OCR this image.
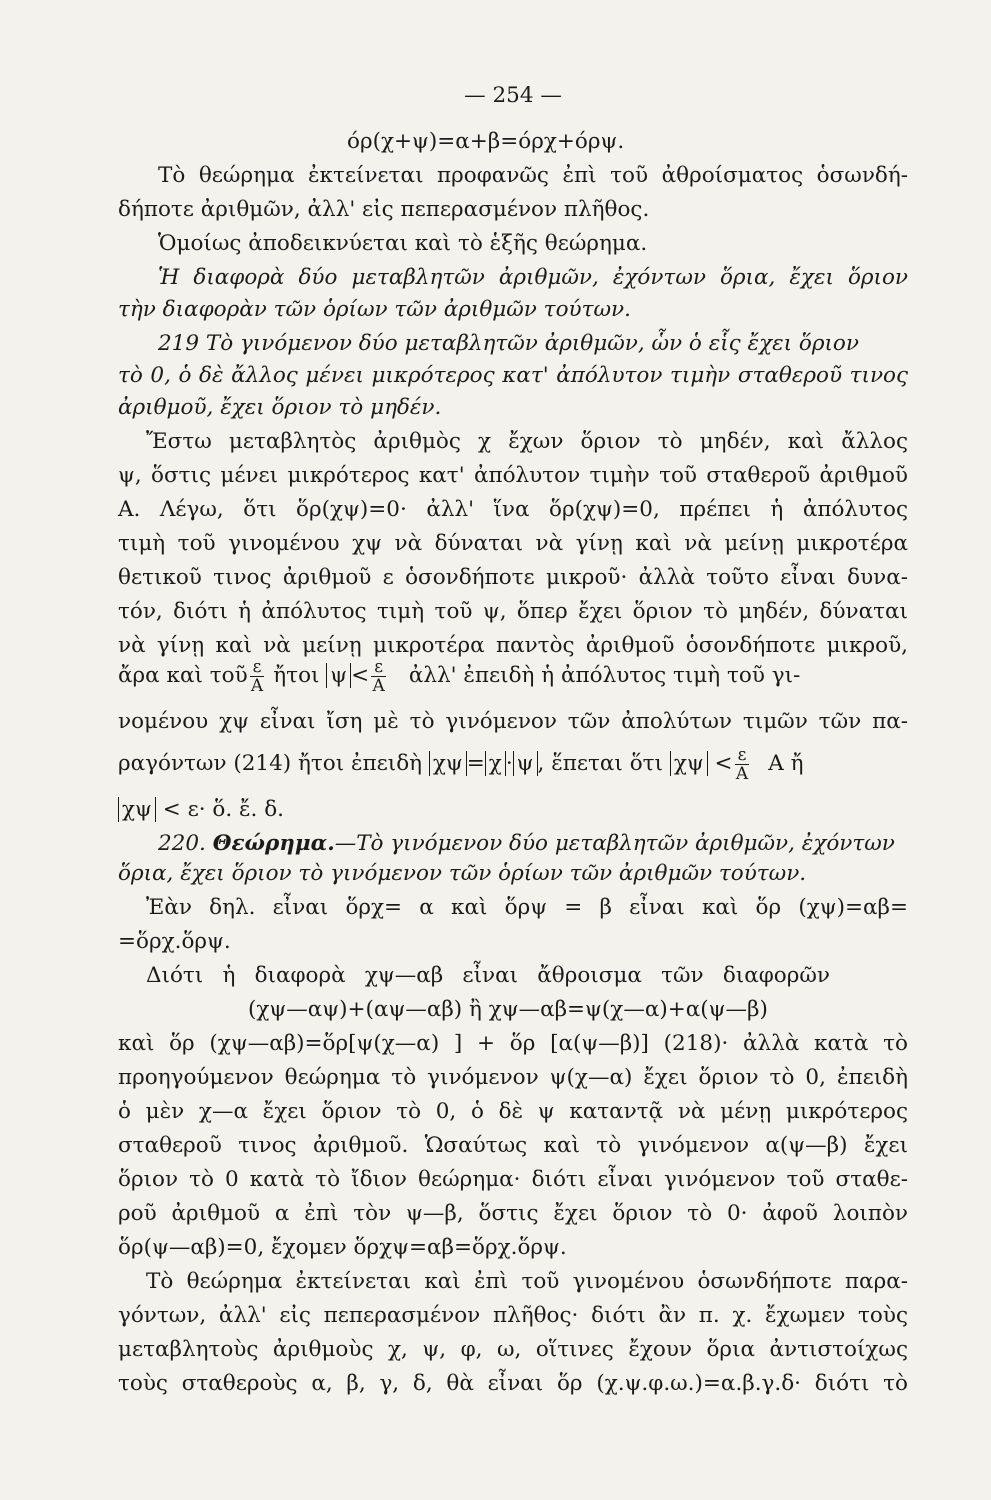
— 254 —
όρ(χ+ψ)=α+β=όρχ+όρψ.
Τὸ θεώρημα ἐκτείνεται προφανῶς ἐπὶ τοῦ ἀθροίσματος ὁσωνδή-
δήποτε ἀριθμῶν, ἀλλ' εἰς πεπερασμένον πλῆθος.
Ὁμοίως ἀποδεικνύεται καὶ τὸ ἑξῆς θεώρημα.
Ἡ διαφορὰ δύο μεταβλητῶν ἀριθμῶν, ἐχόντων ὅρια, ἔχει ὅριον
τὴν διαφορὰν τῶν ὁρίων τῶν ἀριθμῶν τούτων.
219 Τὸ γινόμενον δύο μεταβλητῶν ἀριθμῶν, ὧν ὁ εἷς ἔχει ὅριον
τὸ 0, ὁ δὲ ἄλλος μένει μικρότερος κατ' ἀπόλυτον τιμὴν σταθεροῦ τινος
ἀριθμοῦ, ἔχει ὅριον τὸ μηδέν.
Ἔστω μεταβλητὸς ἀριθμὸς χ ἔχων ὅριον τὸ μηδέν, καὶ ἄλλος
ψ, ὅστις μένει μικρότερος κατ' ἀπόλυτον τιμὴν τοῦ σταθεροῦ ἀριθμοῦ
Α. Λέγω, ὅτι ὅρ(χψ)=0· ἀλλ' ἵνα ὅρ(χψ)=0, πρέπει ἡ ἀπόλυτος
τιμὴ τοῦ γινομένου χψ νὰ δύναται νὰ γίνῃ καὶ νὰ μείνῃ μικροτέρα
θετικοῦ τινος ἀριθμοῦ ε ὁσονδήποτε μικροῦ· ἀλλὰ τοῦτο εἶναι δυνα-
τόν, διότι ἡ ἀπόλυτος τιμὴ τοῦ ψ, ὅπερ ἔχει ὅριον τὸ μηδέν, δύναται
νὰ γίνῃ καὶ νὰ μείνῃ μικροτέρα παντὸς ἀριθμοῦ ὁσονδήποτε μικροῦ,
ἄρα καὶ τοῦ $\frac{\varepsilon}{A}$ ἤτοι $\psi < \frac{\varepsilon}{A}$ ἀλλ' ἐπειδὴ ἡ ἀπόλυτος τιμὴ τοῦ γι-
νομένου χψ εἶναι ἴση μὲ τὸ γινόμενον τῶν ἀπολύτων τιμῶν τῶν πα-
ραγόντων (214) ἤτοι ἐπειδὴ χψ = χ · ψ , ἕπεται ὅτι $\chi\psi < \frac{\varepsilon}{A}$ Α ἤ
χψ < ε· ὅ. ἔ. δ.
220. Θεώρημα.—Τὸ γινόμενον δύο μεταβλητῶν ἀριθμῶν, ἐχόντων
ὅρια, ἔχει ὅριον τὸ γινόμενον τῶν ὁρίων τῶν ἀριθμῶν τούτων.
Ἐὰν δηλ. εἶναι ὅρχ= α καὶ ὅρψ = β εἶναι καὶ ὅρ (χψ)=αβ=
=ὅρχ.ὅρψ.
Διότι ἡ διαφορὰ χψ—αβ εἶναι ἄθροισμα τῶν διαφορῶν
(χψ—αψ)+(αψ—αβ) ἢ χψ—αβ=ψ(χ—α)+α(ψ—β)
καὶ ὅρ (χψ—αβ)=ὅρ[ψ(χ—α) ] + ὅρ [α(ψ—β)] (218)· ἀλλὰ κατὰ τὸ
προηγούμενον θεώρημα τὸ γινόμενον ψ(χ—α) ἔχει ὅριον τὸ 0, ἐπειδὴ
ὁ μὲν χ—α ἔχει ὅριον τὸ 0, ὁ δὲ ψ καταντᾷ νὰ μένῃ μικρότερος
σταθεροῦ τινος ἀριθμοῦ. Ὡσαύτως καὶ τὸ γινόμενον α(ψ—β) ἔχει
ὅριον τὸ 0 κατὰ τὸ ἴδιον θεώρημα· διότι εἶναι γινόμενον τοῦ σταθε-
ροῦ ἀριθμοῦ α ἐπὶ τὸν ψ—β, ὅστις ἔχει ὅριον τὸ 0· ἀφοῦ λοιπὸν
ὅρ(ψ—αβ)=0, ἔχομεν ὅρχψ=αβ=ὅρχ.ὅρψ.
Τὸ θεώρημα ἐκτείνεται καὶ ἐπὶ τοῦ γινομένου ὁσωνδήποτε παρα-
γόντων, ἀλλ' εἰς πεπερασμένον πλῆθος· διότι ἂν π. χ. ἔχωμεν τοὺς
μεταβλητοὺς ἀριθμοὺς χ, ψ, φ, ω, οἵτινες ἔχουν ὅρια ἀντιστοίχως
τοὺς σταθεροὺς α, β, γ, δ, θὰ εἶναι ὅρ (χ.ψ.φ.ω.)=α.β.γ.δ· διότι τὸ
